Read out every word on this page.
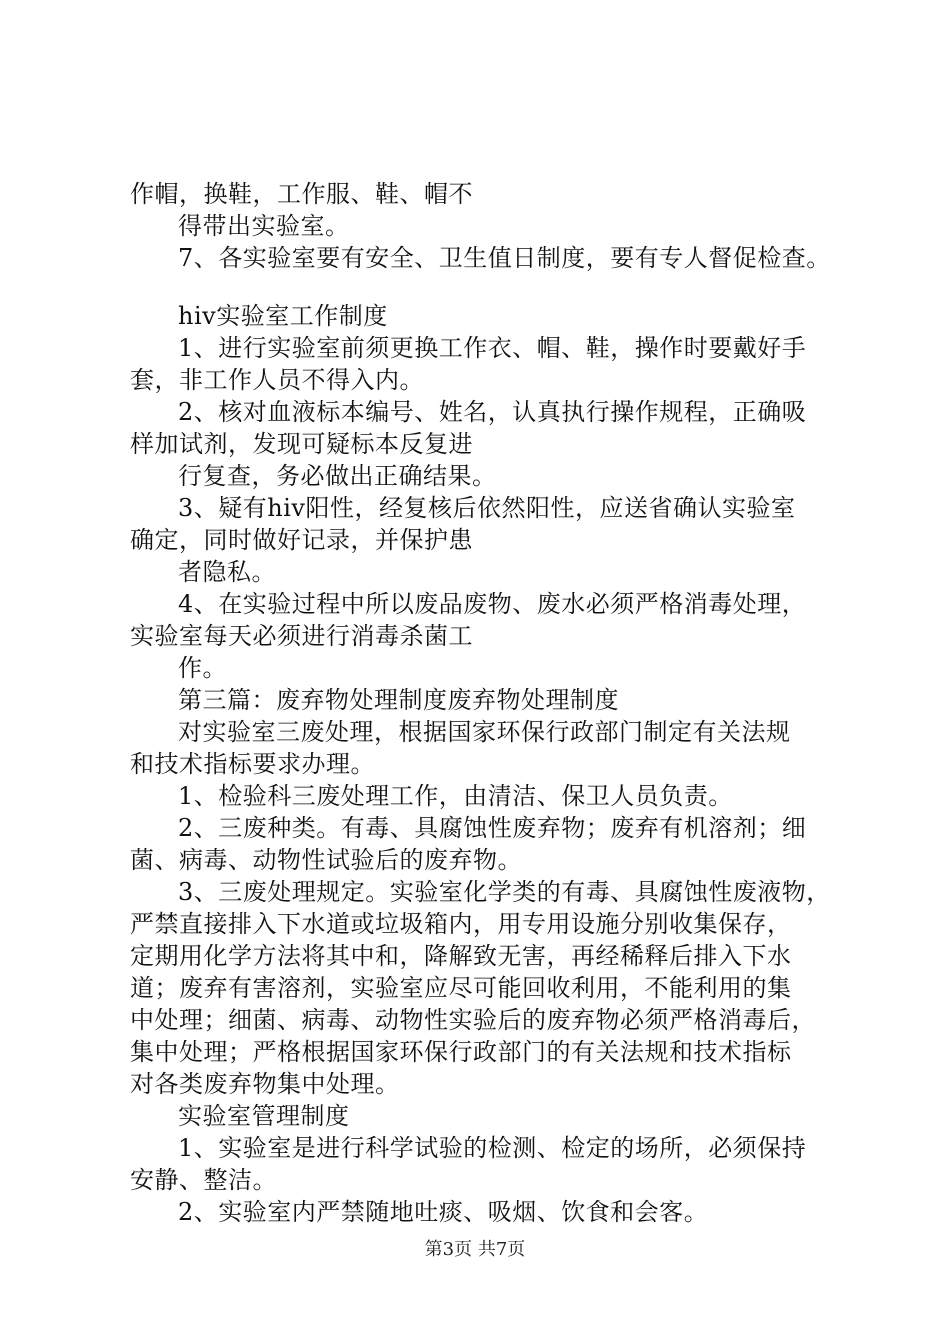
作帽，换鞋，工作服、鞋、帽不
得带出实验室。
7、各实验室要有安全、卫生值日制度，要有专人督促检查。
hiv实验室工作制度
1、进行实验室前须更换工作衣、帽、鞋，操作时要戴好手
套，非工作人员不得入内。
2、核对血液标本编号、姓名，认真执行操作规程，正确吸
样加试剂，发现可疑标本反复进
行复查，务必做出正确结果。
3、疑有hiv阳性，经复核后依然阳性，应送省确认实验室
确定，同时做好记录，并保护患
者隐私。
4、在实验过程中所以废品废物、废水必须严格消毒处理，
实验室每天必须进行消毒杀菌工
作。
第三篇：废弃物处理制度废弃物处理制度
对实验室三废处理，根据国家环保行政部门制定有关法规
和技术指标要求办理。
1、检验科三废处理工作，由清洁、保卫人员负责。
2、三废种类。有毒、具腐蚀性废弃物；废弃有机溶剂；细
菌、病毒、动物性试验后的废弃物。
3、三废处理规定。实验室化学类的有毒、具腐蚀性废液物，
严禁直接排入下水道或垃圾箱内，用专用设施分别收集保存，
定期用化学方法将其中和，降解致无害，再经稀释后排入下水
道；废弃有害溶剂，实验室应尽可能回收利用，不能利用的集
中处理；细菌、病毒、动物性实验后的废弃物必须严格消毒后，
集中处理；严格根据国家环保行政部门的有关法规和技术指标
对各类废弃物集中处理。
实验室管理制度
1、实验室是进行科学试验的检测、检定的场所，必须保持
安静、整洁。
2、实验室内严禁随地吐痰、吸烟、饮食和会客。
第3页 共7页
